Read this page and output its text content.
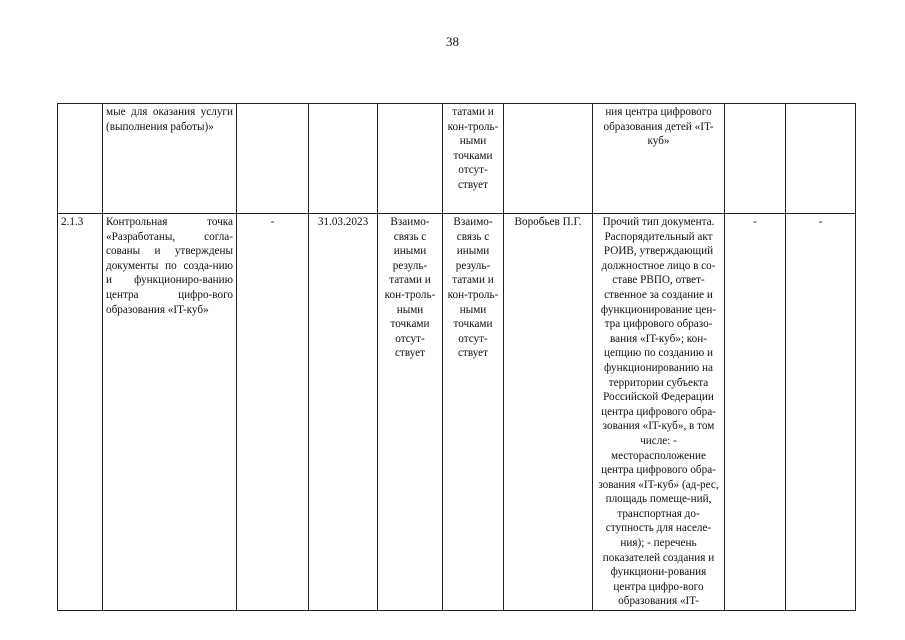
38
	мые для оказания услуги (выполнения работы)»				татами и кон-троль-ными точками отсут-ствует		ния центра цифрового образования детей «IT-куб»		
2.1.3	Контрольная точка «Разработаны, согла-сованы и утверждены документы по созда-нию и функциониро-ванию центра цифро-вого образования «IT-куб»	-	31.03.2023	Взаимо-связь с иными резуль-татами и кон-троль-ными точками отсут-ствует	Взаимо-связь с иными резуль-татами и кон-троль-ными точками отсут-ствует	Воробьев П.Г.	Прочий тип документа. Распорядительный акт РОИВ, утверждающий должностное лицо в со-ставе РВПО, ответ-ственное за создание и функционирование цен-тра цифрового образо-вания «IT-куб»; кон-цепцию по созданию и функционированию на территории субъекта Российской Федерации центра цифрового обра-зования «IT-куб», в том числе: - месторасположение центра цифрового обра-зования «IT-куб» (ад-рес, площадь помеще-ний, транспортная до-ступность для населе-ния); - перечень показателей создания и функциони-рования центра цифро-вого образования «IT-	-	-
